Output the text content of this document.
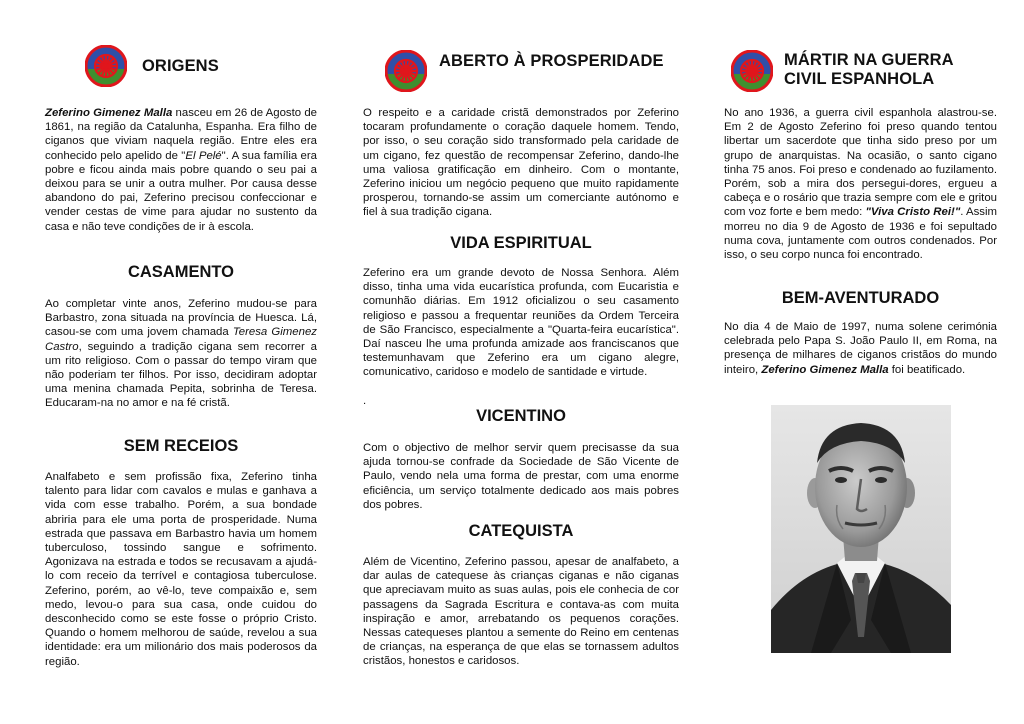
ORIGENS

Zeferino Gimenez Malla nasceu em 26 de Agosto de 1861, na região da Catalunha, Espanha. Era filho de ciganos que viviam naquela região. Entre eles era conhecido pelo apelido de "El Pelé". A sua família era pobre e ficou ainda mais pobre quando o seu pai a deixou para se unir a outra mulher. Por causa desse abandono do pai, Zeferino precisou confeccionar e vender cestas de vime para ajudar no sustento da casa e não teve condições de ir à escola.

CASAMENTO

Ao completar vinte anos, Zeferino mudou-se para Barbastro, zona situada na província de Huesca. Lá, casou-se com uma jovem chamada Teresa Gimenez Castro, seguindo a tradição cigana sem recorrer a um rito religioso. Com o passar do tempo viram que não poderiam ter filhos. Por isso, decidiram adoptar uma menina chamada Pepita, sobrinha de Teresa. Educaram-na no amor e na fé cristã.

SEM RECEIOS

Analfabeto e sem profissão fixa, Zeferino tinha talento para lidar com cavalos e mulas e ganhava a vida com esse trabalho. Porém, a sua bondade abriria para ele uma porta de prosperidade. Numa estrada que passava em Barbastro havia um homem tuberculoso, tossindo sangue e sofrimento. Agonizava na estrada e todos se recusavam a ajudá-lo com receio da terrível e contagiosa tuberculose. Zeferino, porém, ao vê-lo, teve compaixão e, sem medo, levou-o para sua casa, onde cuidou do desconhecido como se este fosse o próprio Cristo. Quando o homem melhorou de saúde, revelou a sua identidade: era um milionário dos mais poderosos da região.

ABERTO À PROSPERIDADE

O respeito e a caridade cristã demonstrados por Zeferino tocaram profundamente o coração daquele homem. Tendo, por isso, o seu coração sido transformado pela caridade de um cigano, fez questão de recompensar Zeferino, dando-lhe uma valiosa gratificação em dinheiro. Com o montante, Zeferino iniciou um negócio pequeno que muito rapidamente prosperou, tornando-se assim um comerciante autónomo e fiel à sua tradição cigana.

VIDA ESPIRITUAL

Zeferino era um grande devoto de Nossa Senhora. Além disso, tinha uma vida eucarística profunda, com Eucaristia e comunhão diárias. Em 1912 oficializou o seu casamento religioso e passou a frequentar reuniões da Ordem Terceira de São Francisco, especialmente a "Quarta-feira eucarística". Daí nasceu lhe uma profunda amizade aos franciscanos que testemunhavam que Zeferino era um cigano alegre, comunicativo, caridoso e modelo de santidade e virtude.

.

VICENTINO

Com o objectivo de melhor servir quem precisasse da sua ajuda tornou-se confrade da Sociedade de São Vicente de Paulo, vendo nela uma forma de prestar, com uma enorme eficiência, um serviço totalmente dedicado aos mais pobres dos pobres.

CATEQUISTA

Além de Vicentino, Zeferino passou, apesar de analfabeto, a dar aulas de catequese às crianças ciganas e não ciganas que apreciavam muito as suas aulas, pois ele conhecia de cor passagens da Sagrada Escritura e contava-as com muita inspiração e amor, arrebatando os pequenos corações. Nessas catequeses plantou a semente do Reino em centenas de crianças, na esperança de que elas se tornassem adultos cristãos, honestos e caridosos.

MÁRTIR NA GUERRA
CIVIL ESPANHOLA

No ano 1936, a guerra civil espanhola alastrou-se. Em 2 de Agosto Zeferino foi preso quando tentou libertar um sacerdote que tinha sido preso por um grupo de anarquistas. Na ocasião, o santo cigano tinha 75 anos. Foi preso e condenado ao fuzilamento. Porém, sob a mira dos persegui-dores, ergueu a cabeça e o rosário que trazia sempre com ele e gritou com voz forte e bem medo: "Viva Cristo Rei!". Assim morreu no dia 9 de Agosto de 1936 e foi sepultado numa cova, juntamente com outros condenados. Por isso, o seu corpo nunca foi encontrado.

BEM-AVENTURADO

No dia 4 de Maio de 1997, numa solene cerimónia celebrada pelo Papa S. João Paulo II, em Roma, na presença de milhares de ciganos cristãos do mundo inteiro, Zeferino Gimenez Malla foi beatificado.
